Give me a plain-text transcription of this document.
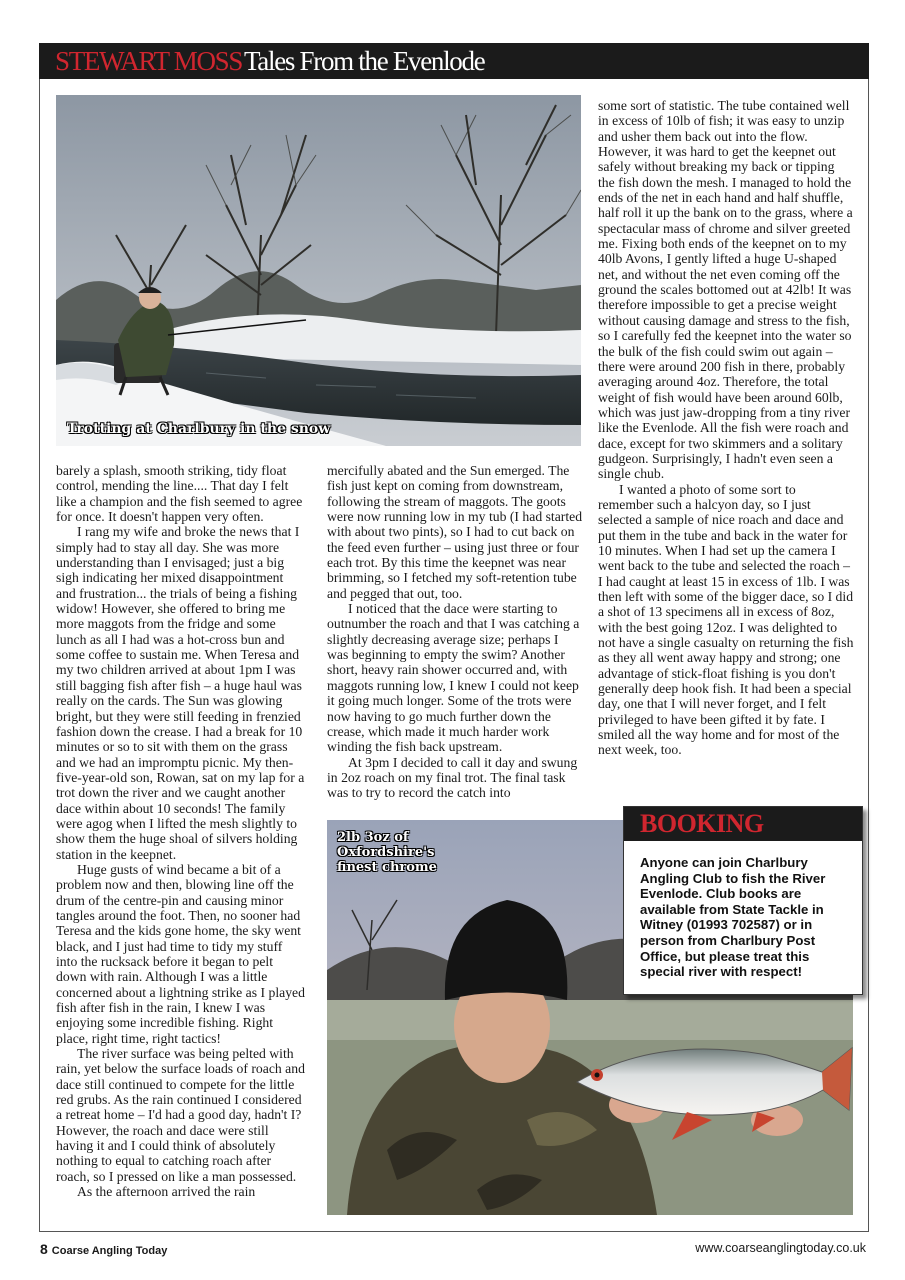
STEWART MOSS Tales From the Evenlode
Trotting at Charlbury in the snow

barely a splash, smooth striking, tidy float control, mending the line.... That day I felt like a champion and the fish seemed to agree for once. It doesn't happen very often.

I rang my wife and broke the news that I simply had to stay all day. She was more understanding than I envisaged; just a big sigh indicating her mixed disappointment and frustration... the trials of being a fishing widow! However, she offered to bring me more maggots from the fridge and some lunch as all I had was a hot-cross bun and some coffee to sustain me. When Teresa and my two children arrived at about 1pm I was still bagging fish after fish – a huge haul was really on the cards. The Sun was glowing bright, but they were still feeding in frenzied fashion down the crease. I had a break for 10 minutes or so to sit with them on the grass and we had an impromptu picnic. My then-five-year-old son, Rowan, sat on my lap for a trot down the river and we caught another dace within about 10 seconds! The family were agog when I lifted the mesh slightly to show them the huge shoal of silvers holding station in the keepnet.

Huge gusts of wind became a bit of a problem now and then, blowing line off the drum of the centre-pin and causing minor tangles around the foot. Then, no sooner had Teresa and the kids gone home, the sky went black, and I just had time to tidy my stuff into the rucksack before it began to pelt down with rain. Although I was a little concerned about a lightning strike as I played fish after fish in the rain, I knew I was enjoying some incredible fishing. Right place, right time, right tactics!

The river surface was being pelted with rain, yet below the surface loads of roach and dace still continued to compete for the little red grubs. As the rain continued I considered a retreat home – I'd had a good day, hadn't I? However, the roach and dace were still having it and I could think of absolutely nothing to equal to catching roach after roach, so I pressed on like a man possessed.

As the afternoon arrived the rain

mercifully abated and the Sun emerged. The fish just kept on coming from downstream, following the stream of maggots. The goots were now running low in my tub (I had started with about two pints), so I had to cut back on the feed even further – using just three or four each trot. By this time the keepnet was near brimming, so I fetched my soft-retention tube and pegged that out, too.

I noticed that the dace were starting to outnumber the roach and that I was catching a slightly decreasing average size; perhaps I was beginning to empty the swim? Another short, heavy rain shower occurred and, with maggots running low, I knew I could not keep it going much longer. Some of the trots were now having to go much further down the crease, which made it much harder work winding the fish back upstream.

At 3pm I decided to call it day and swung in 2oz roach on my final trot. The final task was to try to record the catch into

some sort of statistic. The tube contained well in excess of 10lb of fish; it was easy to unzip and usher them back out into the flow. However, it was hard to get the keepnet out safely without breaking my back or tipping the fish down the mesh. I managed to hold the ends of the net in each hand and half shuffle, half roll it up the bank on to the grass, where a spectacular mass of chrome and silver greeted me. Fixing both ends of the keepnet on to my 40lb Avons, I gently lifted a huge U-shaped net, and without the net even coming off the ground the scales bottomed out at 42lb! It was therefore impossible to get a precise weight without causing damage and stress to the fish, so I carefully fed the keepnet into the water so the bulk of the fish could swim out again – there were around 200 fish in there, probably averaging around 4oz. Therefore, the total weight of fish would have been around 60lb, which was just jaw-dropping from a tiny river like the Evenlode. All the fish were roach and dace, except for two skimmers and a solitary gudgeon. Surprisingly, I hadn't even seen a single chub.

I wanted a photo of some sort to remember such a halcyon day, so I just selected a sample of nice roach and dace and put them in the tube and back in the water for 10 minutes. When I had set up the camera I went back to the tube and selected the roach – I had caught at least 15 in excess of 1lb. I was then left with some of the bigger dace, so I did a shot of 13 specimens all in excess of 8oz, with the best going 12oz. I was delighted to not have a single casualty on returning the fish as they all went away happy and strong; one advantage of stick-float fishing is you don't generally deep hook fish. It had been a special day, one that I will never forget, and I felt privileged to have been gifted it by fate. I smiled all the way home and for most of the next week, too.

2lb 3oz of
Oxfordshire's
finest chrome
BOOKING
Anyone can join Charlbury Angling Club to fish the River Evenlode. Club books are available from State Tackle in Witney (01993 702587) or in person from Charlbury Post Office, but please treat this special river with respect!
8 Coarse Angling Today	www.coarseanglingtoday.co.uk
